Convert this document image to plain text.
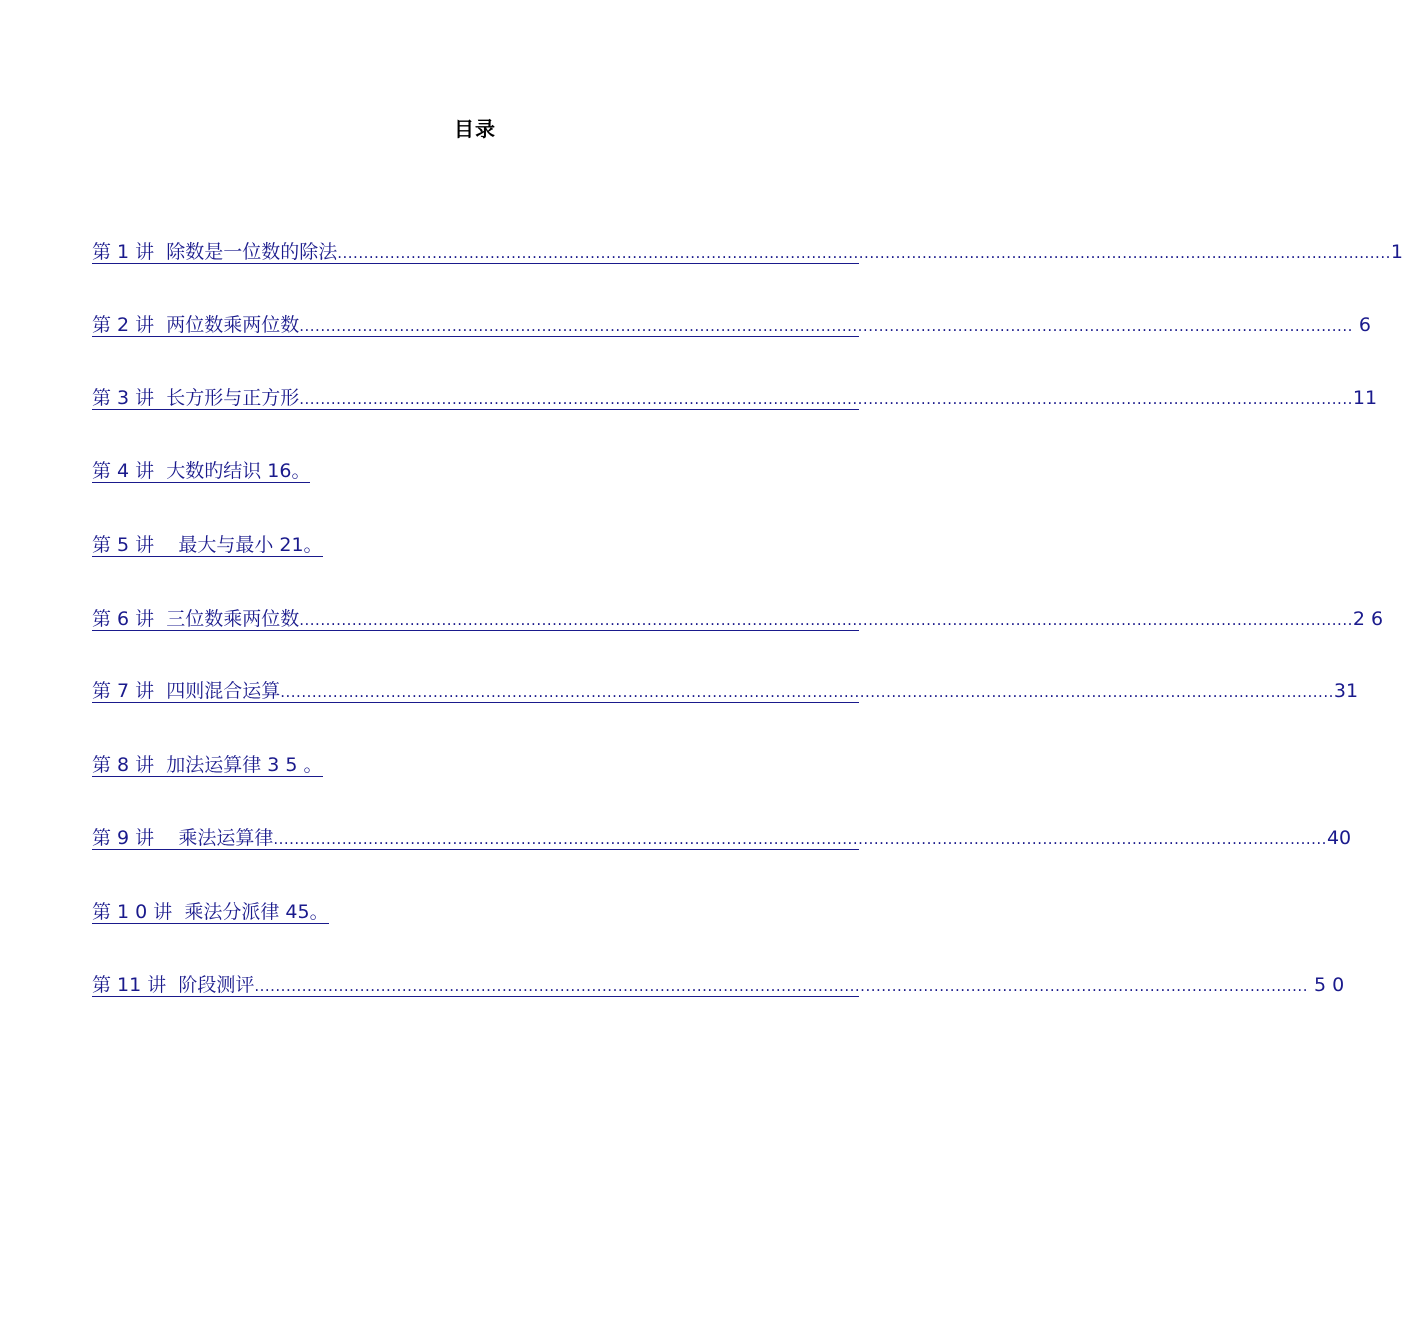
目录
第 1 讲  除数是一位数的除法 ........................................................................................................................................................................................................ 1
第 2 讲  两位数乘两位数 ........................................................................................................................................................................................................ 6
第 3 讲  长方形与正方形 ........................................................................................................................................................................................................ 11
第 4 讲  大数旳结识 16。
第 5 讲    最大与最小 21。
第 6 讲  三位数乘两位数 ........................................................................................................................................................................................................ 2 6
第 7 讲  四则混合运算 ........................................................................................................................................................................................................ 31
第 8 讲  加法运算律 3 5 。
第 9 讲    乘法运算律 ........................................................................................................................................................................................................ 40
第 1 0 讲  乘法分派律 45。
第 11 讲  阶段测评 ........................................................................................................................................................................................................ 5 0
